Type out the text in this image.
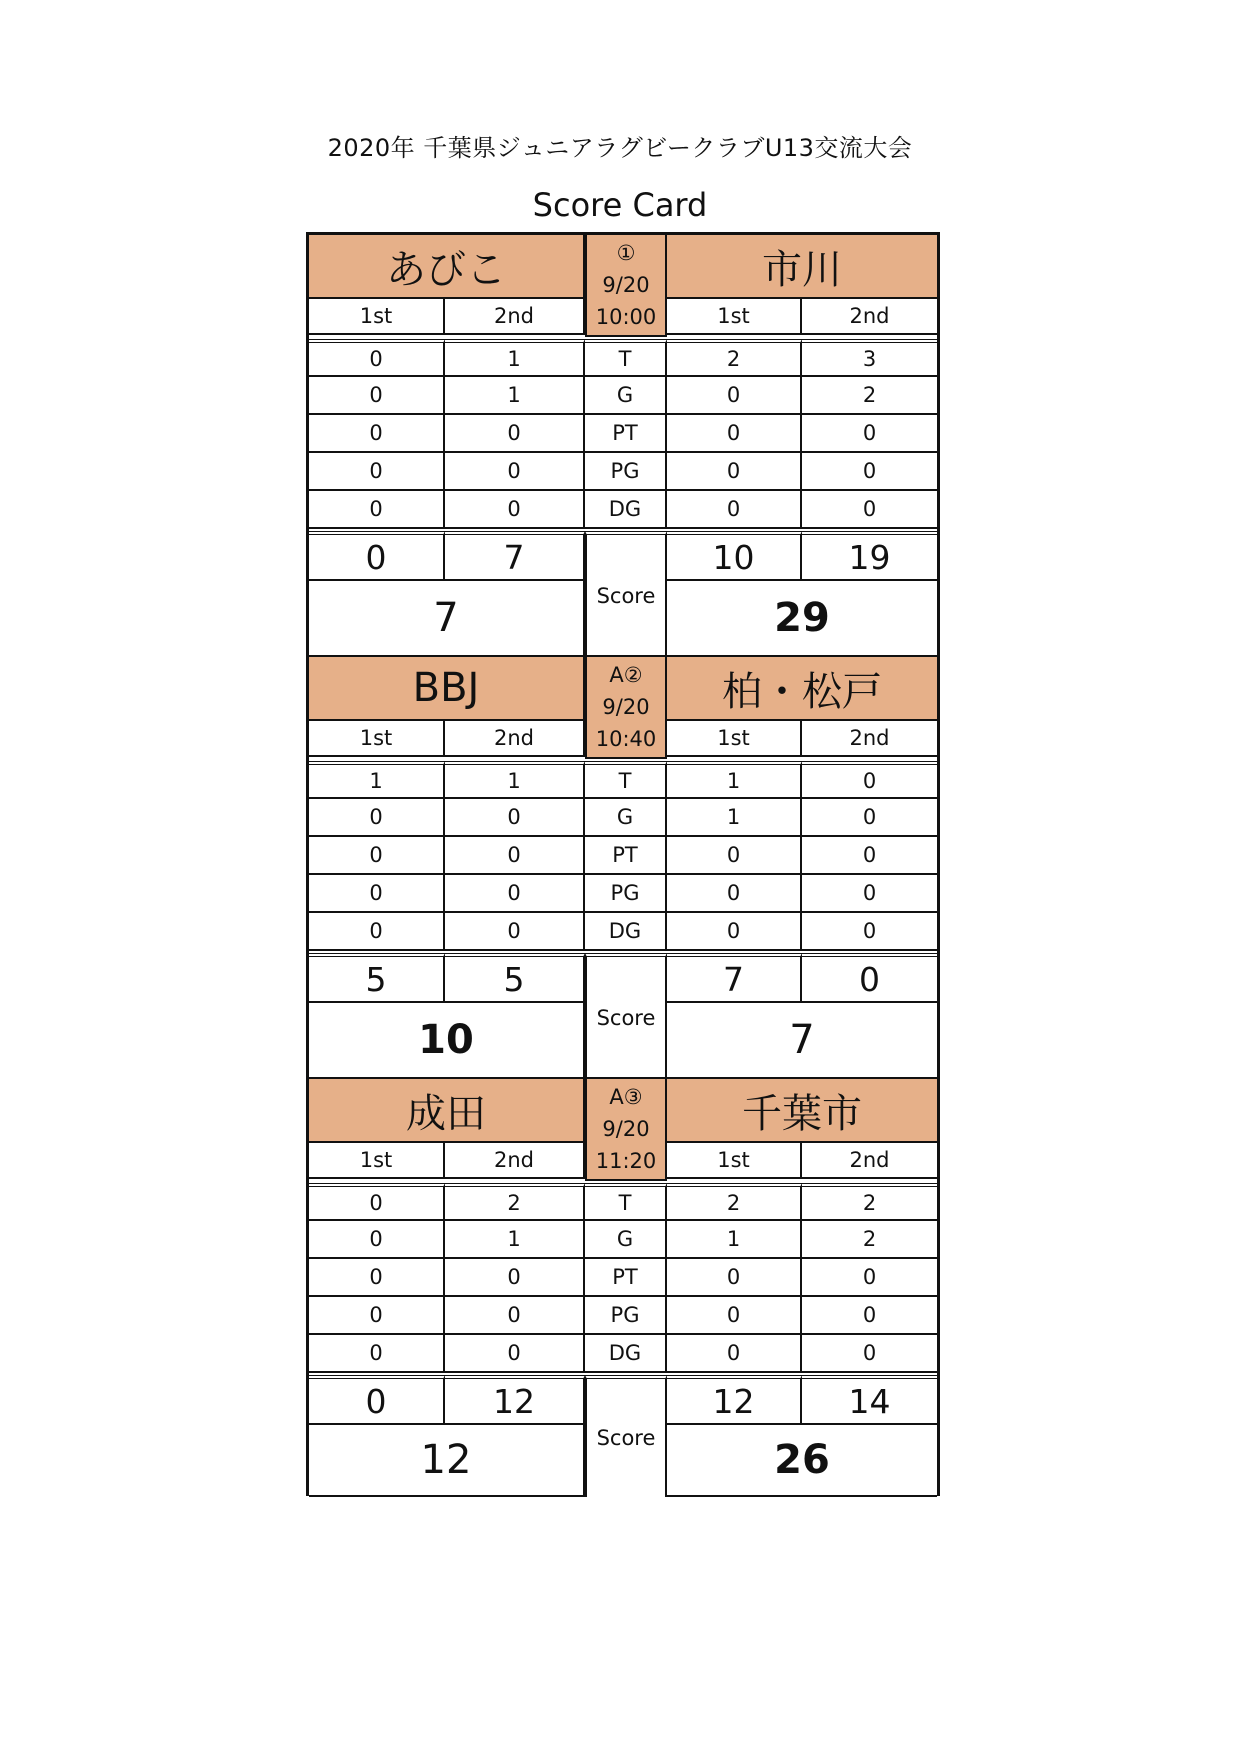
2020年 千葉県ジュニアラグビークラブU13交流大会
Score Card
あびこ	市川
1st	2nd	1st	2nd
①
9/20
10:00
0	1	T	2	3
0	1	G	0	2
0	0	PT	0	0
0	0	PG	0	0
0	0	DG	0	0
0	7	10	19
7	29
Score
BBJ	柏・松戸
1st	2nd	1st	2nd
A②
9/20
10:40
1	1	T	1	0
0	0	G	1	0
0	0	PT	0	0
0	0	PG	0	0
0	0	DG	0	0
5	5	7	0
10	7
Score
成田	千葉市
1st	2nd	1st	2nd
A③
9/20
11:20
0	2	T	2	2
0	1	G	1	2
0	0	PT	0	0
0	0	PG	0	0
0	0	DG	0	0
0	12	12	14
12	26
Score
